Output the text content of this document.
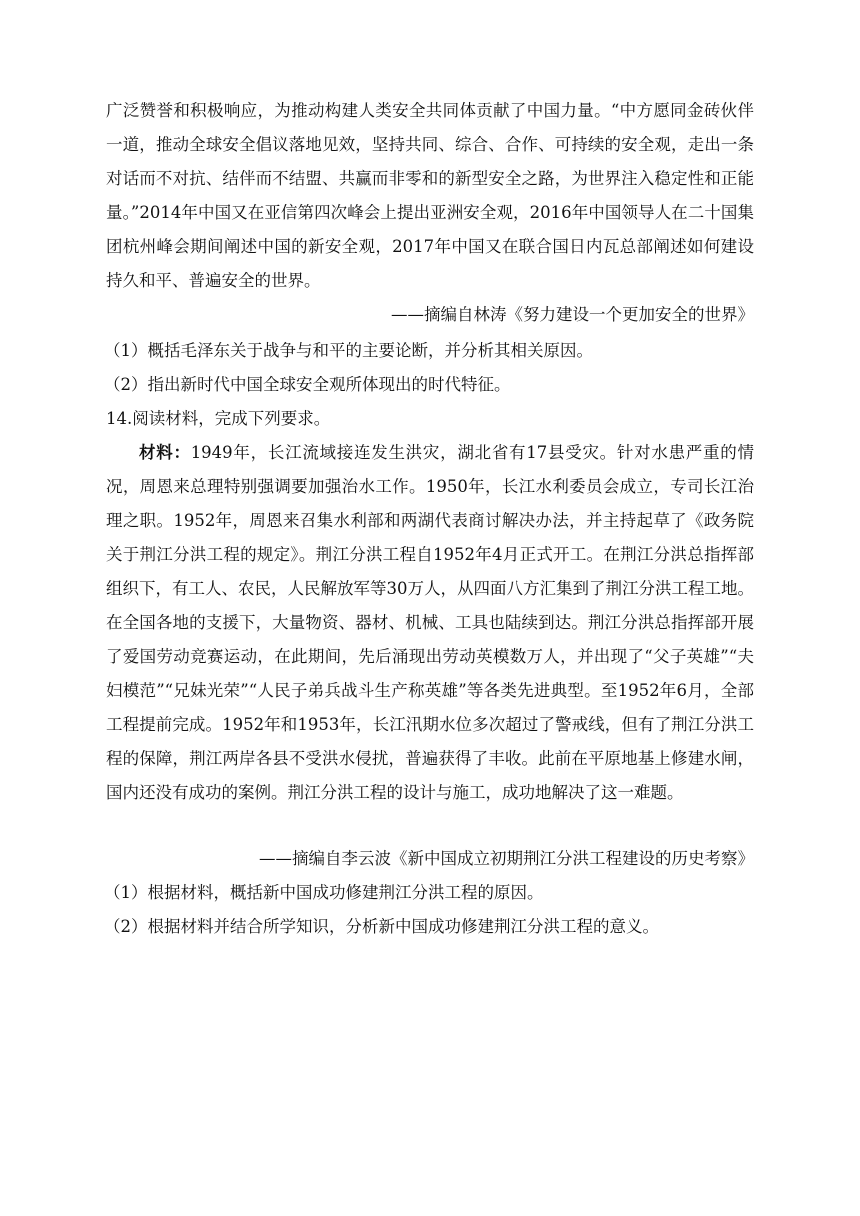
广泛赞誉和积极响应，为推动构建人类安全共同体贡献了中国力量。“中方愿同金砖伙伴一道，推动全球安全倡议落地见效，坚持共同、综合、合作、可持续的安全观，走出一条对话而不对抗、结伴而不结盟、共赢而非零和的新型安全之路，为世界注入稳定性和正能量。”2014年中国又在亚信第四次峰会上提出亚洲安全观，2016年中国领导人在二十国集团杭州峰会期间阐述中国的新安全观，2017年中国又在联合国日内瓦总部阐述如何建设持久和平、普遍安全的世界。

——摘编自林涛《努力建设一个更加安全的世界》
（1）概括毛泽东关于战争与和平的主要论断，并分析其相关原因。
（2）指出新时代中国全球安全观所体现出的时代特征。
14.阅读材料，完成下列要求。

材料：1949年，长江流域接连发生洪灾，湖北省有17县受灾。针对水患严重的情况，周恩来总理特别强调要加强治水工作。1950年，长江水利委员会成立，专司长江治理之职。1952年，周恩来召集水利部和两湖代表商讨解决办法，并主持起草了《政务院关于荆江分洪工程的规定》。荆江分洪工程自1952年4月正式开工。在荆江分洪总指挥部组织下，有工人、农民，人民解放军等30万人，从四面八方汇集到了荆江分洪工程工地。在全国各地的支援下，大量物资、器材、机械、工具也陆续到达。荆江分洪总指挥部开展了爱国劳动竞赛运动，在此期间，先后涌现出劳动英模数万人，并出现了“父子英雄”“夫妇模范”“兄妹光荣”“人民子弟兵战斗生产称英雄”等各类先进典型。至1952年6月，全部工程提前完成。1952年和1953年，长江汛期水位多次超过了警戒线，但有了荆江分洪工程的保障，荆江两岸各县不受洪水侵扰，普遍获得了丰收。此前在平原地基上修建水闸，国内还没有成功的案例。荆江分洪工程的设计与施工，成功地解决了这一难题。

——摘编自李云波《新中国成立初期荆江分洪工程建设的历史考察》
（1）根据材料，概括新中国成功修建荆江分洪工程的原因。
（2）根据材料并结合所学知识，分析新中国成功修建荆江分洪工程的意义。
